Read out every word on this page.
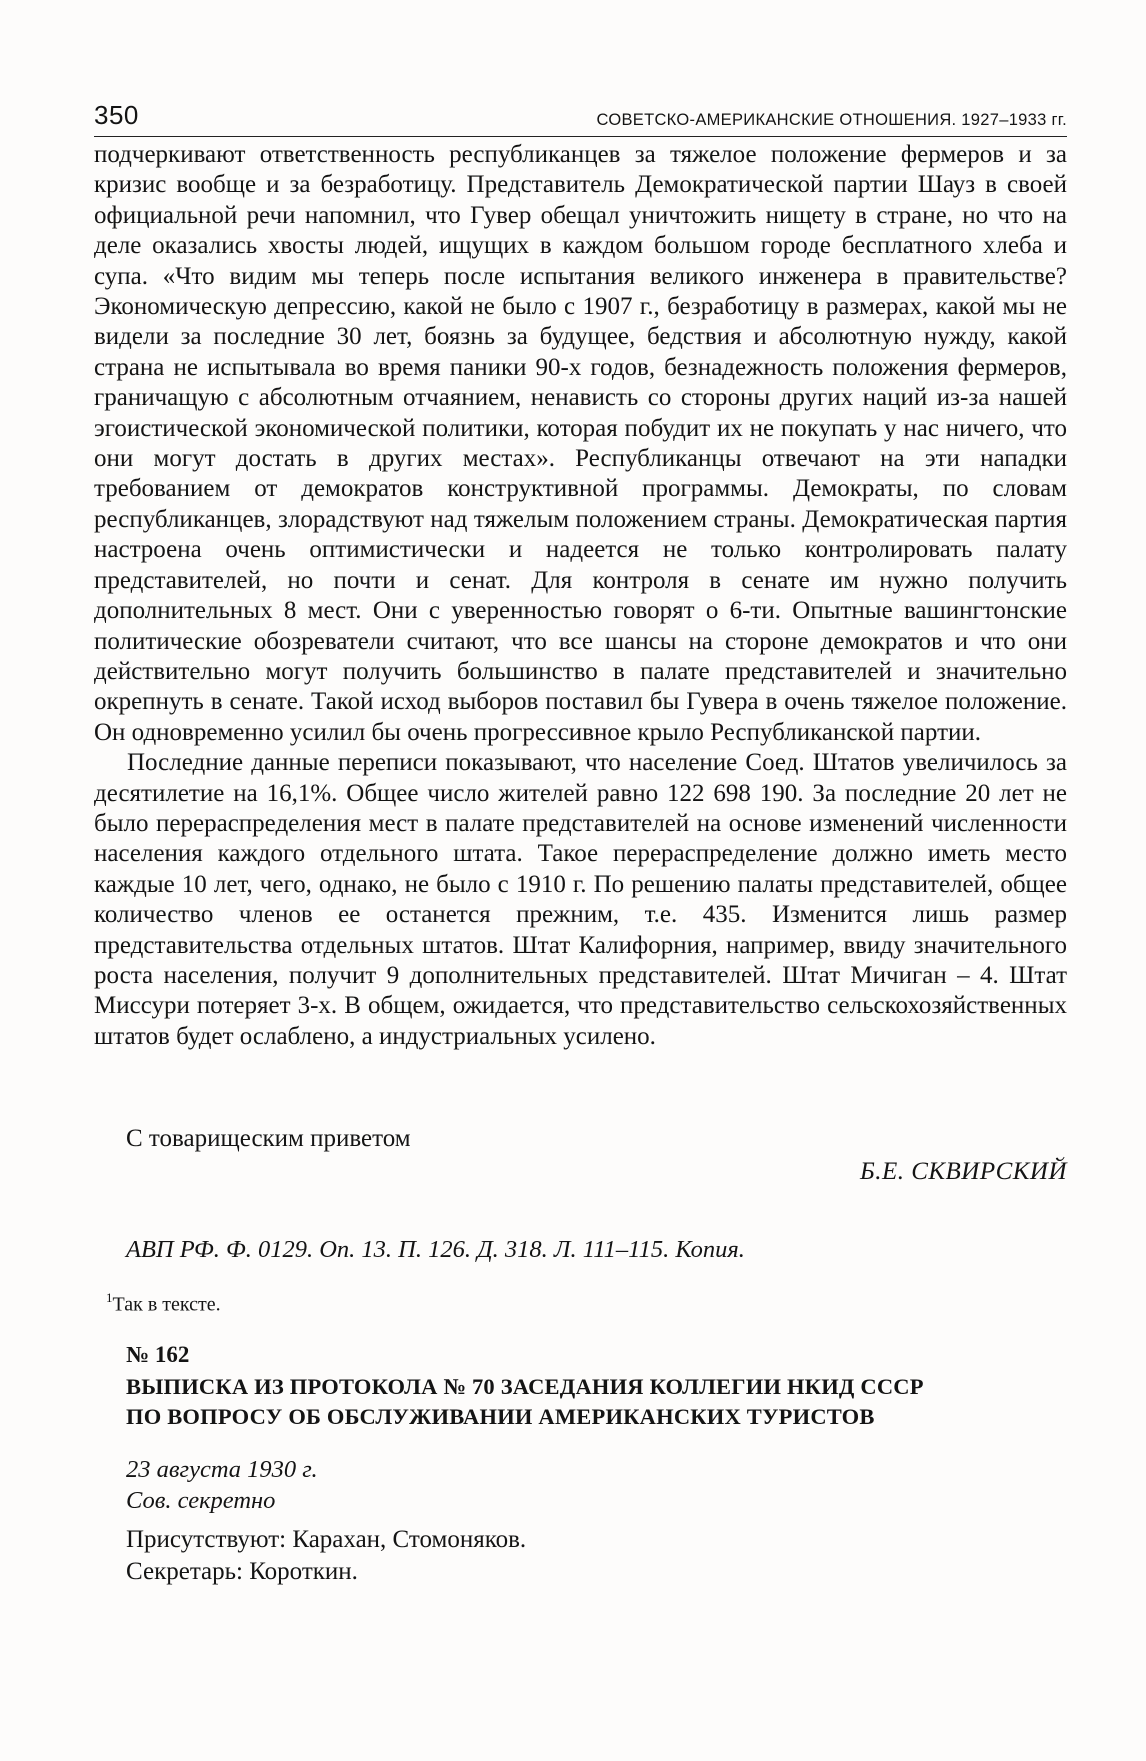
350	СОВЕТСКО-АМЕРИКАНСКИЕ ОТНОШЕНИЯ. 1927–1933 гг.

подчеркивают ответственность республиканцев за тяжелое положение фермеров и за кризис вообще и за безработицу. Представитель Демократической партии Шауз в своей официальной речи напомнил, что Гувер обещал уничтожить нищету в стране, но что на деле оказались хвосты людей, ищущих в каждом большом городе бесплатного хлеба и супа. «Что видим мы теперь после испытания великого инженера в правительстве? Экономическую депрессию, какой не было с 1907 г., безработицу в размерах, какой мы не видели за последние 30 лет, боязнь за будущее, бедствия и абсолютную нужду, какой страна не испытывала во время паники 90-х годов, безнадежность положения фермеров, граничащую с абсолютным отчаянием, ненависть со стороны других наций из-за нашей эгоистической экономической политики, которая побудит их не покупать у нас ничего, что они могут достать в других местах». Республиканцы отвечают на эти нападки требованием от демократов конструктивной программы. Демократы, по словам республиканцев, злорадствуют над тяжелым положением страны. Демократическая партия настроена очень оптимистически и надеется не только контролировать палату представителей, но почти и сенат. Для контроля в сенате им нужно получить дополнительных 8 мест. Они с уверенностью говорят о 6-ти. Опытные вашингтонские политические обозреватели считают, что все шансы на стороне демократов и что они действительно могут получить большинство в палате представителей и значительно окрепнуть в сенате. Такой исход выборов поставил бы Гувера в очень тяжелое положение. Он одновременно усилил бы очень прогрессивное крыло Республиканской партии.

Последние данные переписи показывают, что население Соед. Штатов увеличилось за десятилетие на 16,1%. Общее число жителей равно 122 698 190. За последние 20 лет не было перераспределения мест в палате представителей на основе изменений численности населения каждого отдельного штата. Такое перераспределение должно иметь место каждые 10 лет, чего, однако, не было с 1910 г. По решению палаты представителей, общее количество членов ее останется прежним, т.е. 435. Изменится лишь размер представительства отдельных штатов. Штат Калифорния, например, ввиду значительного роста населения, получит 9 дополнительных представителей. Штат Мичиган – 4. Штат Миссури потеряет 3-х. В общем, ожидается, что представительство сельскохозяйственных штатов будет ослаблено, а индустриальных усилено.

С товарищеским приветом
Б.Е. СКВИРСКИЙ
АВП РФ. Ф. 0129. Оп. 13. П. 126. Д. 318. Л. 111–115. Копия.
$^1$Так в тексте.
№ 162
ВЫПИСКА ИЗ ПРОТОКОЛА № 70 ЗАСЕДАНИЯ КОЛЛЕГИИ НКИД СССР
ПО ВОПРОСУ ОБ ОБСЛУЖИВАНИИ АМЕРИКАНСКИХ ТУРИСТОВ
23 августа 1930 г.
Сов. секретно
Присутствуют: Карахан, Стомоняков.
Секретарь: Короткин.
